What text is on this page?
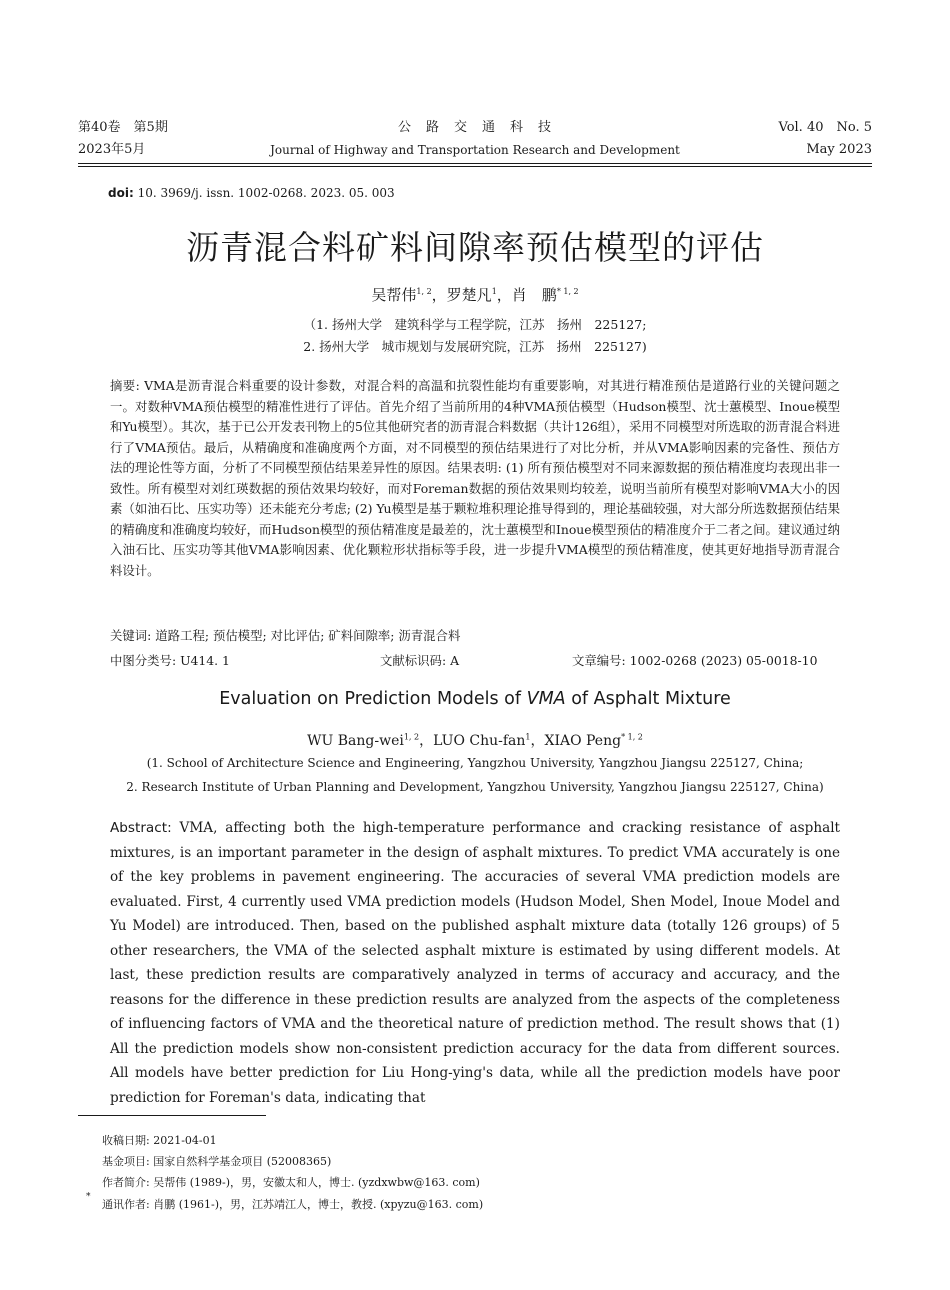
第40卷　第5期
2023年5月
公　路　交　通　科　技
Journal of Highway and Transportation Research and Development
Vol. 40　No. 5
May 2023
doi: 10. 3969/j. issn. 1002-0268. 2023. 05. 003
沥青混合料矿料间隙率预估模型的评估
吴帮伟$^{1, 2}$，罗楚凡$^1$，肖　鹏$^{* 1, 2}$
（1. 扬州大学　建筑科学与工程学院，江苏　扬州　225127;
2. 扬州大学　城市规划与发展研究院，江苏　扬州　225127)
摘要: VMA是沥青混合料重要的设计参数，对混合料的高温和抗裂性能均有重要影响，对其进行精准预估是道路行业的关键问题之一。对数种VMA预估模型的精准性进行了评估。首先介绍了当前所用的4种VMA预估模型（Hudson模型、沈士蕙模型、Inoue模型和Yu模型）。其次，基于已公开发表刊物上的5位其他研究者的沥青混合料数据（共计126组），采用不同模型对所选取的沥青混合料进行了VMA预估。最后，从精确度和准确度两个方面，对不同模型的预估结果进行了对比分析，并从VMA影响因素的完备性、预估方法的理论性等方面，分析了不同模型预估结果差异性的原因。结果表明: (1) 所有预估模型对不同来源数据的预估精准度均表现出非一致性。所有模型对刘红瑛数据的预估效果均较好，而对Foreman数据的预估效果则均较差，说明当前所有模型对影响VMA大小的因素（如油石比、压实功等）还未能充分考虑; (2) Yu模型是基于颗粒堆积理论推导得到的，理论基础较强，对大部分所选数据预估结果的精确度和准确度均较好，而Hudson模型的预估精准度是最差的，沈士蕙模型和Inoue模型预估的精准度介于二者之间。建议通过纳入油石比、压实功等其他VMA影响因素、优化颗粒形状指标等手段，进一步提升VMA模型的预估精准度，使其更好地指导沥青混合料设计。
关键词: 道路工程; 预估模型; 对比评估; 矿料间隙率; 沥青混合料
中图分类号: U414. 1	文献标识码: A	文章编号: 1002-0268 (2023) 05-0018-10
Evaluation on Prediction Models of VMA of Asphalt Mixture
WU Bang-wei$^{1, 2}$，LUO Chu-fan$^1$，XIAO Peng$^{* 1, 2}$
(1. School of Architecture Science and Engineering, Yangzhou University, Yangzhou Jiangsu 225127, China;
2. Research Institute of Urban Planning and Development, Yangzhou University, Yangzhou Jiangsu 225127, China)
Abstract: VMA, affecting both the high-temperature performance and cracking resistance of asphalt mixtures, is an important parameter in the design of asphalt mixtures. To predict VMA accurately is one of the key problems in pavement engineering. The accuracies of several VMA prediction models are evaluated. First, 4 currently used VMA prediction models (Hudson Model, Shen Model, Inoue Model and Yu Model) are introduced. Then, based on the published asphalt mixture data (totally 126 groups) of 5 other researchers, the VMA of the selected asphalt mixture is estimated by using different models. At last, these prediction results are comparatively analyzed in terms of accuracy and accuracy, and the reasons for the difference in these prediction results are analyzed from the aspects of the completeness of influencing factors of VMA and the theoretical nature of prediction method. The result shows that (1) All the prediction models show non-consistent prediction accuracy for the data from different sources. All models have better prediction for Liu Hong-ying's data, while all the prediction models have poor prediction for Foreman's data, indicating that
收稿日期: 2021-04-01
基金项目: 国家自然科学基金项目 (52008365)
作者简介: 吴帮伟 (1989-)，男，安徽太和人，博士. (yzdxwbw@163. com)
*
通讯作者: 肖鹏 (1961-)，男，江苏靖江人，博士，教授. (xpyzu@163. com)
